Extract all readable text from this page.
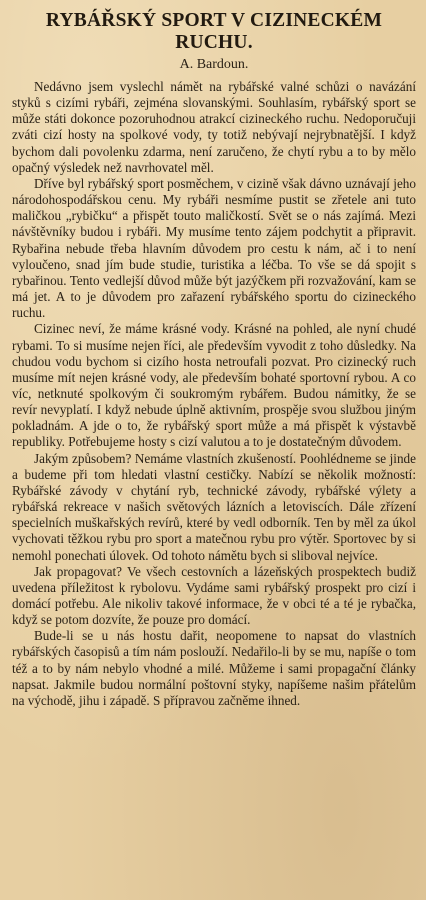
RYBÁŘSKÝ SPORT V CIZINECKÉM RUCHU.
A. Bardoun.

Nedávno jsem vyslechl námět na rybářské valné schůzi o navázání styků s cizími rybáři, zejména slovanskými. Souhlasím, rybářský sport se může státi dokonce pozoruhodnou atrakcí cizineckého ruchu. Nedoporučuji zváti cizí hosty na spolkové vody, ty totiž nebývají nejrybnatější. I když bychom dali povolenku zdarma, není zaručeno, že chytí rybu a to by mělo opačný výsledek než navrhovatel měl.

Dříve byl rybářský sport posměchem, v cizině však dávno uznávají jeho národohospodářskou cenu. My rybáři nesmíme pustit se zřetele ani tuto maličkou „rybičku“ a přispět touto maličkostí. Svět se o nás zajímá. Mezi návštěvníky budou i rybáři. My musíme tento zájem podchytit a připravit. Rybařina nebude třeba hlavním důvodem pro cestu k nám, ač i to není vyloučeno, snad jím bude studie, turistika a léčba. To vše se dá spojit s rybařinou. Tento vedlejší důvod může být jazýčkem při rozvažování, kam se má jet. A to je důvodem pro zařazení rybářského sportu do cizineckého ruchu.

Cizinec neví, že máme krásné vody. Krásné na pohled, ale nyní chudé rybami. To si musíme nejen říci, ale především vyvodit z toho důsledky. Na chudou vodu bychom si cizího hosta netroufali pozvat. Pro cizinecký ruch musíme mít nejen krásné vody, ale především bohaté sportovní rybou. A co víc, netknuté spolkovým či soukromým rybářem. Budou námitky, že se revír nevyplatí. I když nebude úplně aktivním, prospěje svou službou jiným pokladnám. A jde o to, že rybářský sport může a má přispět k výstavbě republiky. Potřebujeme hosty s cizí valutou a to je dostatečným důvodem.

Jakým způsobem? Nemáme vlastních zkušeností. Poohlédneme se jinde a budeme při tom hledati vlastní cestičky. Nabízí se několik možností: Rybářské závody v chytání ryb, technické závody, rybářské výlety a rybářská rekreace v našich světových lázních a letoviscích. Dále zřízení specielních muškařských revírů, které by vedl odborník. Ten by měl za úkol vychovati těžkou rybu pro sport a matečnou rybu pro výtěr. Sportovec by si nemohl ponechati úlovek. Od tohoto námětu bych si sliboval nejvíce.

Jak propagovat? Ve všech cestovních a lázeňských prospektech budiž uvedena příležitost k rybolovu. Vydáme sami rybářský prospekt pro cizí i domácí potřebu. Ale nikoliv takové informace, že v obci té a té je rybačka, když se potom dozvíte, že pouze pro domácí.

Bude-li se u nás hostu dařit, neopomene to napsat do vlastních rybářských časopisů a tím nám poslouží. Nedařilo-li by se mu, napíše o tom též a to by nám nebylo vhodné a milé. Můžeme i sami propagační články napsat. Jakmile budou normální poštovní styky, napíšeme našim přátelům na východě, jihu i západě. S přípravou začněme ihned.
